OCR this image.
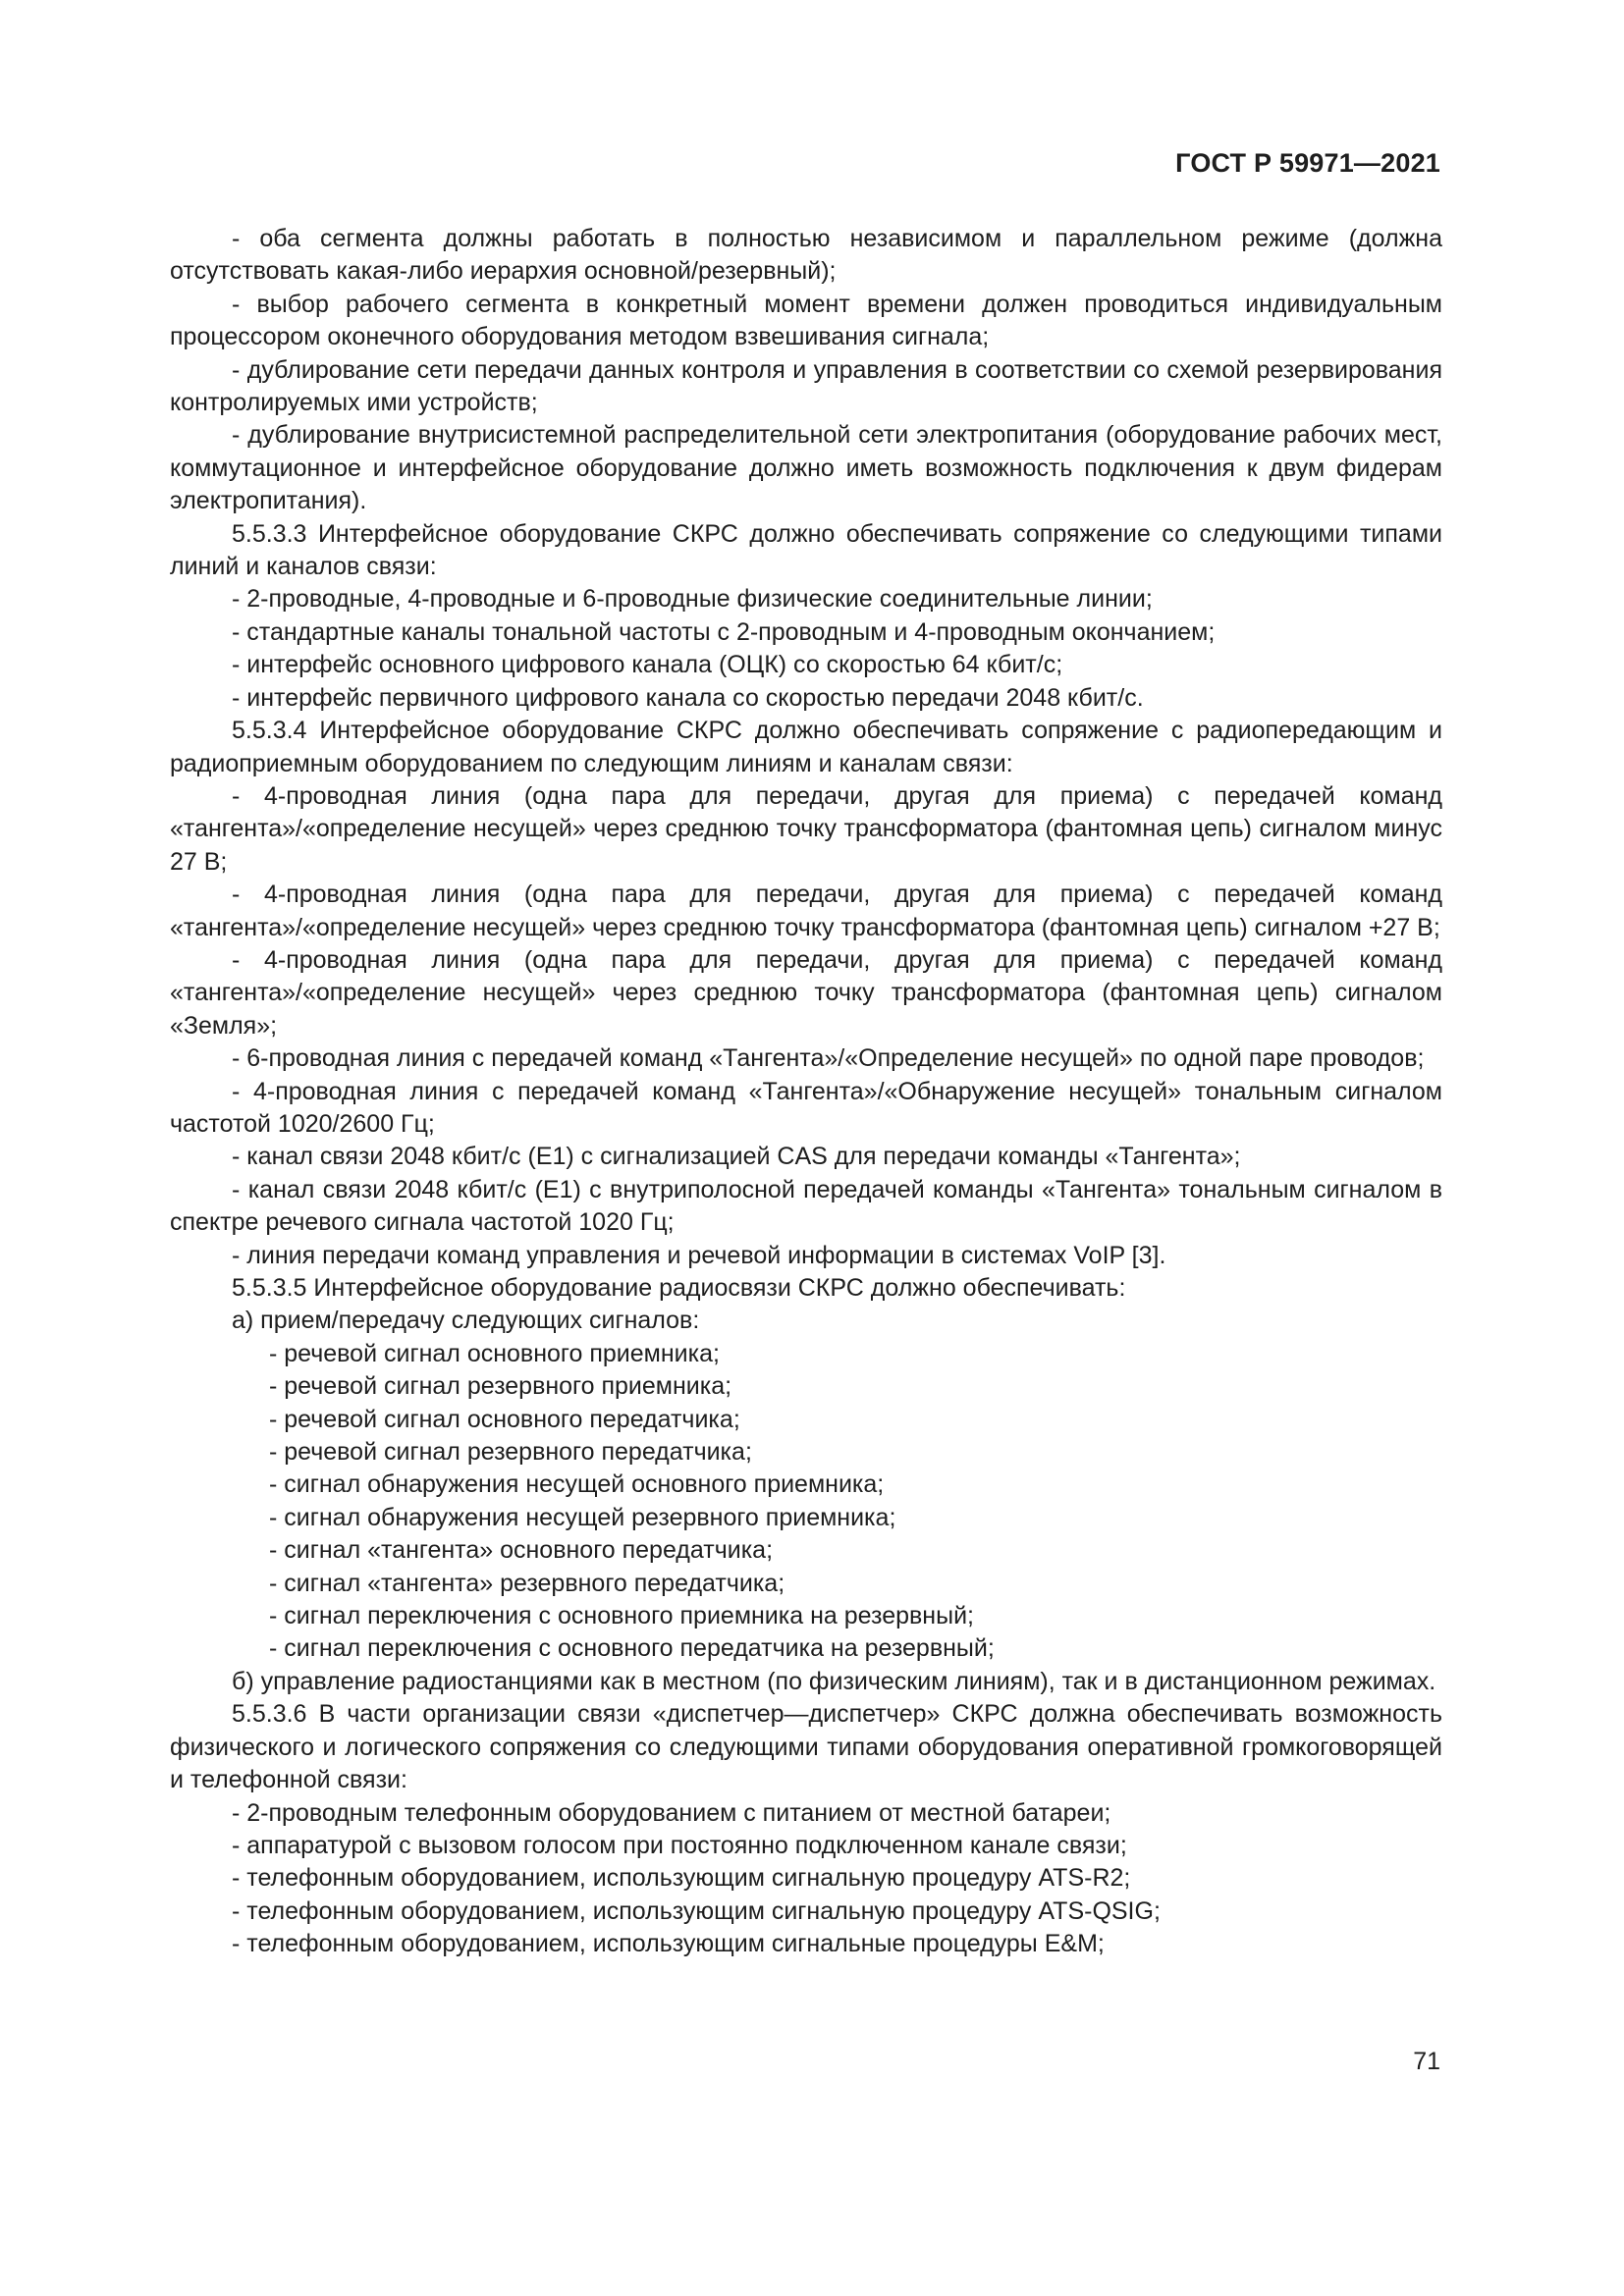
ГОСТ Р 59971—2021

- оба сегмента должны работать в полностью независимом и параллельном режиме (должна отсутствовать какая-либо иерархия основной/резервный);

- выбор рабочего сегмента в конкретный момент времени должен проводиться индивидуальным процессором оконечного оборудования методом взвешивания сигнала;

- дублирование сети передачи данных контроля и управления в соответствии со схемой резервирования контролируемых ими устройств;

- дублирование внутрисистемной распределительной сети электропитания (оборудование рабочих мест, коммутационное и интерфейсное оборудование должно иметь возможность подключения к двум фидерам электропитания).

5.5.3.3 Интерфейсное оборудование СКРС должно обеспечивать сопряжение со следующими типами линий и каналов связи:

- 2-проводные, 4-проводные и 6-проводные физические соединительные линии;

- стандартные каналы тональной частоты с 2-проводным и 4-проводным окончанием;

- интерфейс основного цифрового канала (ОЦК) со скоростью 64 кбит/с;

- интерфейс первичного цифрового канала со скоростью передачи 2048 кбит/с.

5.5.3.4 Интерфейсное оборудование СКРС должно обеспечивать сопряжение с радиопередающим и радиоприемным оборудованием по следующим линиям и каналам связи:

- 4-проводная линия (одна пара для передачи, другая для приема) с передачей команд «тангента»/«определение несущей» через среднюю точку трансформатора (фантомная цепь) сигналом минус 27 В;

- 4-проводная линия (одна пара для передачи, другая для приема) с передачей команд «тангента»/«определение несущей» через среднюю точку трансформатора (фантомная цепь) сигналом +27 В;

- 4-проводная линия (одна пара для передачи, другая для приема) с передачей команд «тангента»/«определение несущей» через среднюю точку трансформатора (фантомная цепь) сигналом «Земля»;

- 6-проводная линия с передачей команд «Тангента»/«Определение несущей» по одной паре проводов;

- 4-проводная линия с передачей команд «Тангента»/«Обнаружение несущей» тональным сигналом частотой 1020/2600 Гц;

- канал связи 2048 кбит/с (Е1) с сигнализацией CAS для передачи команды «Тангента»;

- канал связи 2048 кбит/с (Е1) с внутриполосной передачей команды «Тангента» тональным сигналом в спектре речевого сигнала частотой 1020 Гц;

- линия передачи команд управления и речевой информации в системах VoIP [3].

5.5.3.5 Интерфейсное оборудование радиосвязи СКРС должно обеспечивать:

а) прием/передачу следующих сигналов:

- речевой сигнал основного приемника;

- речевой сигнал резервного приемника;

- речевой сигнал основного передатчика;

- речевой сигнал резервного передатчика;

- сигнал обнаружения несущей основного приемника;

- сигнал обнаружения несущей резервного приемника;

- сигнал «тангента» основного передатчика;

- сигнал «тангента» резервного передатчика;

- сигнал переключения с основного приемника на резервный;

- сигнал переключения с основного передатчика на резервный;

б) управление радиостанциями как в местном (по физическим линиям), так и в дистанционном режимах.

5.5.3.6 В части организации связи «диспетчер—диспетчер» СКРС должна обеспечивать возможность физического и логического сопряжения со следующими типами оборудования оперативной громкоговорящей и телефонной связи:

- 2-проводным телефонным оборудованием с питанием от местной батареи;

- аппаратурой с вызовом голосом при постоянно подключенном канале связи;

- телефонным оборудованием, использующим сигнальную процедуру ATS-R2;

- телефонным оборудованием, использующим сигнальную процедуру ATS-QSIG;

- телефонным оборудованием, использующим сигнальные процедуры E&M;

71
